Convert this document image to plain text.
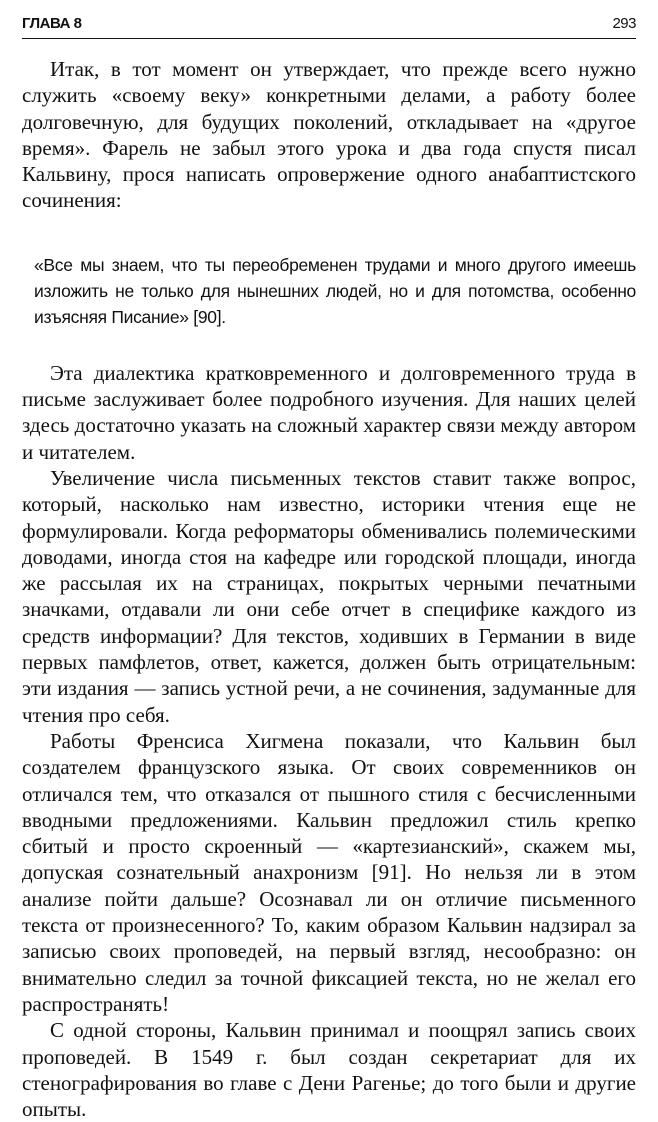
ГЛАВА 8	293

Итак, в тот момент он утверждает, что прежде всего нужно служить «своему веку» конкретными делами, а работу более долговечную, для будущих поколений, откладывает на «другое время». Фарель не забыл этого урока и два года спустя писал Кальвину, прося написать опровержение одного анабаптистского сочинения:

«Все мы знаем, что ты переобременен трудами и много другого имеешь изложить не только для нынешних людей, но и для потомства, особенно изъясняя Писание» [90].

Эта диалектика кратковременного и долговременного труда в письме заслуживает более подробного изучения. Для наших целей здесь достаточно указать на сложный характер связи между автором и читателем.

Увеличение числа письменных текстов ставит также вопрос, который, насколько нам известно, историки чтения еще не формулировали. Когда реформаторы обменивались полемическими доводами, иногда стоя на кафедре или городской площади, иногда же рассылая их на страницах, покрытых черными печатными значками, отдавали ли они себе отчет в специфике каждого из средств информации? Для текстов, ходивших в Германии в виде первых памфлетов, ответ, кажется, должен быть отрицательным: эти издания — запись устной речи, а не сочинения, задуманные для чтения про себя.

Работы Френсиса Хигмена показали, что Кальвин был создателем французского языка. От своих современников он отличался тем, что отказался от пышного стиля с бесчисленными вводными предложениями. Кальвин предложил стиль крепко сбитый и просто скроенный — «картезианский», скажем мы, допуская сознательный анахронизм [91]. Но нельзя ли в этом анализе пойти дальше? Осознавал ли он отличие письменного текста от произнесенного? То, каким образом Кальвин надзирал за записью своих проповедей, на первый взгляд, несообразно: он внимательно следил за точной фиксацией текста, но не желал его распространять!

С одной стороны, Кальвин принимал и поощрял запись своих проповедей. В 1549 г. был создан секретариат для их стенографирования во главе с Дени Рагенье; до того были и другие опыты.
